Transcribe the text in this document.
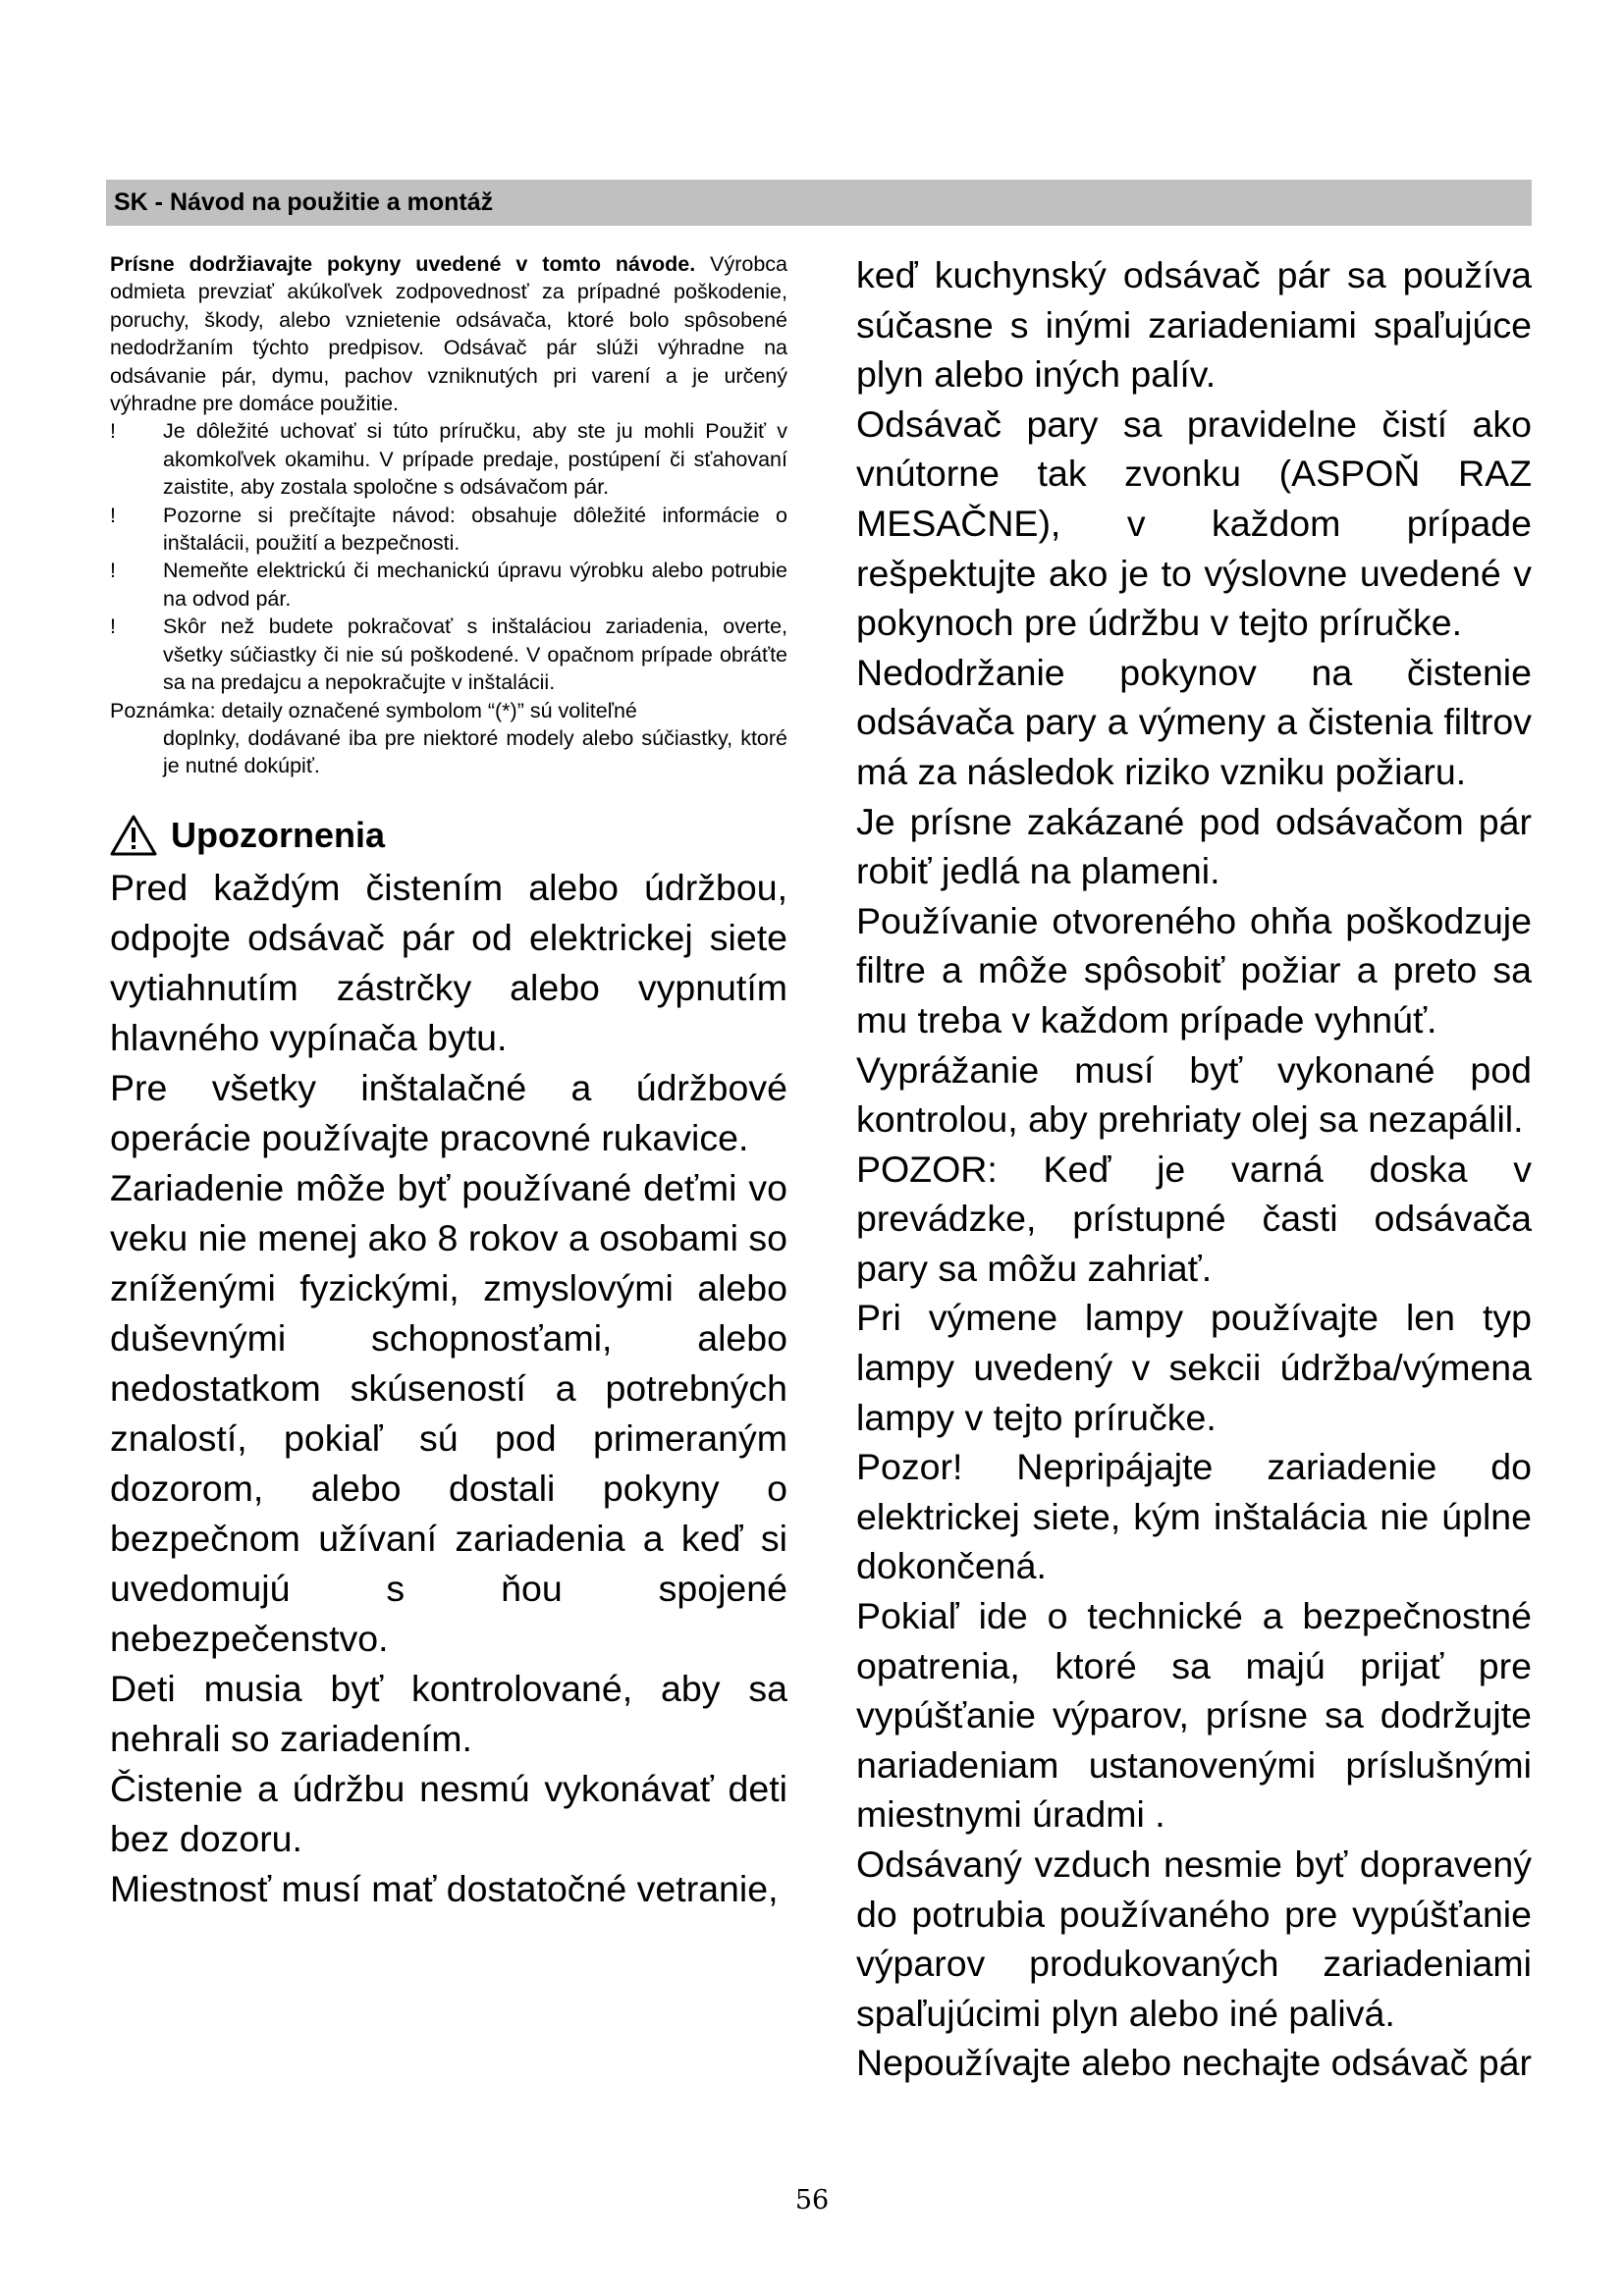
SK - Návod na použitie a montáž

Prísne dodržiavajte pokyny uvedené v tomto návode. Výrobca odmieta prevziať akúkoľvek zodpovednosť za prípadné poškodenie, poruchy, škody, alebo vznietenie odsávača, ktoré bolo spôsobené nedodržaním týchto predpisov. Odsávač pár slúži výhradne na odsávanie pár, dymu, pachov vzniknutých pri varení a je určený výhradne pre domáce použitie.

!	Je dôležité uchovať si túto príručku, aby ste ju mohli Použiť v akomkoľvek okamihu. V prípade predaje, postúpení či sťahovaní zaistite, aby zostala spoločne s odsávačom pár.
!	Pozorne si prečítajte návod: obsahuje dôležité informácie o inštalácii, použití a bezpečnosti.
!	Nemeňte elektrickú či mechanickú úpravu výrobku alebo potrubie na odvod pár.
!	Skôr než budete pokračovať s inštaláciou zariadenia, overte, všetky súčiastky či nie sú poškodené. V opačnom prípade obráťte sa na predajcu a nepokračujte v inštalácii.
Poznámka: detaily označené symbolom “(*)” sú voliteľné

doplnky, dodávané iba pre niektoré modely alebo súčiastky, ktoré je nutné dokúpiť.

Upozornenia

Pred každým čistením alebo údržbou, odpojte odsávač pár od elektrickej siete vytiahnutím zástrčky alebo vypnutím hlavného vypínača bytu.

Pre všetky inštalačné a údržbové operácie používajte pracovné rukavice.

Zariadenie môže byť používané deťmi vo veku nie menej ako 8 rokov a osobami so zníženými fyzickými, zmyslovými alebo duševnými schopnosťami, alebo nedostatkom skúseností a potrebných znalostí, pokiaľ sú pod primeraným dozorom, alebo dostali pokyny o bezpečnom užívaní zariadenia a keď si uvedomujú s ňou spojené nebezpečenstvo.

Deti musia byť kontrolované, aby sa nehrali so zariadením.

Čistenie a údržbu nesmú vykonávať deti bez dozoru.

Miestnosť musí mať dostatočné vetranie,

keď kuchynský odsávač pár sa používa súčasne s inými zariadeniami spaľujúce plyn alebo iných palív.

Odsávač pary sa pravidelne čistí ako vnútorne tak zvonku (ASPOŇ RAZ MESAČNE), v každom prípade rešpektujte ako je to výslovne uvedené v pokynoch pre údržbu v tejto príručke.

Nedodržanie pokynov na čistenie odsávača pary a výmeny a čistenia filtrov má za následok riziko vzniku požiaru.

Je prísne zakázané pod odsávačom pár robiť jedlá na plameni.

Používanie otvoreného ohňa poškodzuje filtre a môže spôsobiť požiar a preto sa mu treba v každom prípade vyhnúť.

Vyprážanie musí byť vykonané pod kontrolou, aby prehriaty olej sa nezapálil.

POZOR: Keď je varná doska v prevádzke, prístupné časti odsávača pary sa môžu zahriať.

Pri výmene lampy používajte len typ lampy uvedený v sekcii údržba/výmena lampy v tejto príručke.

Pozor! Nepripájajte zariadenie do elektrickej siete, kým inštalácia nie úplne dokončená.

Pokiaľ ide o technické a bezpečnostné opatrenia, ktoré sa majú prijať pre vypúšťanie výparov, prísne sa dodržujte nariadeniam ustanovenými príslušnými miestnymi úradmi .

Odsávaný vzduch nesmie byť dopravený do potrubia používaného pre vypúšťanie výparov produkovaných zariadeniami spaľujúcimi plyn alebo iné palivá.

Nepoužívajte alebo nechajte odsávač pár

56
